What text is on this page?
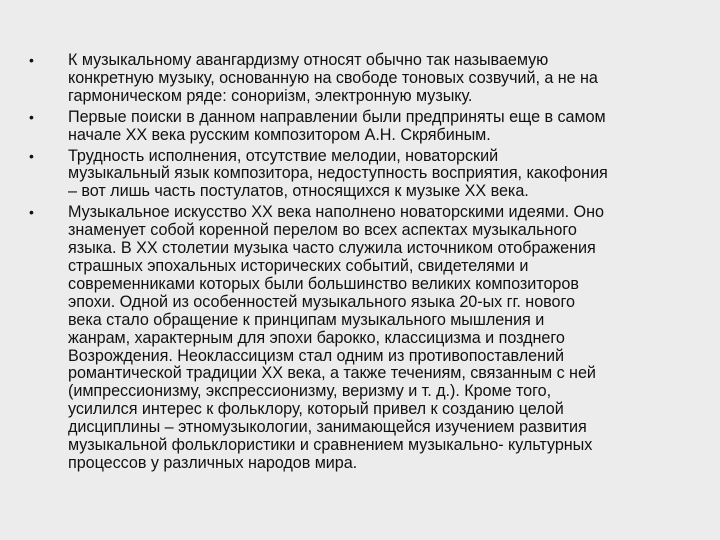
• К музыкальному авангардизму относят обычно так называемую
конкретную музыку, основанную на свободе тоновых созвучий, а не на
гармоническом ряде: сонориізм, электронную музыку.
• Первые поиски в данном направлении были предприняты еще в самом
начале ХХ века русским композитором А.Н. Скрябиным.
• Трудность исполнения, отсутствие мелодии, новаторский
музыкальный язык композитора, недоступность восприятия, какофония
– вот лишь часть постулатов, относящихся к музыке ХХ века.
• Музыкальное искусство ХХ века наполнено новаторскими идеями. Оно
знаменует собой коренной перелом во всех аспектах музыкального
языка. В ХХ столетии музыка часто служила источником отображения
страшных эпохальных исторических событий, свидетелями и
современниками которых были большинство великих композиторов
эпохи. Одной из особенностей музыкального языка 20-ых гг. нового
века стало обращение к принципам музыкального мышления и
жанрам, характерным для эпохи барокко, классицизма и позднего
Возрождения. Неоклассицизм стал одним из противопоставлений
романтической традиции ХХ века, а также течениям, связанным с ней
(импрессионизму, экспрессионизму, веризму и т. д.). Кроме того,
усилился интерес к фольклору, который привел к созданию целой
дисциплины – этномузыкологии, занимающейся изучением развития
музыкальной фольклористики и сравнением музыкально- культурных
процессов у различных народов мира.
